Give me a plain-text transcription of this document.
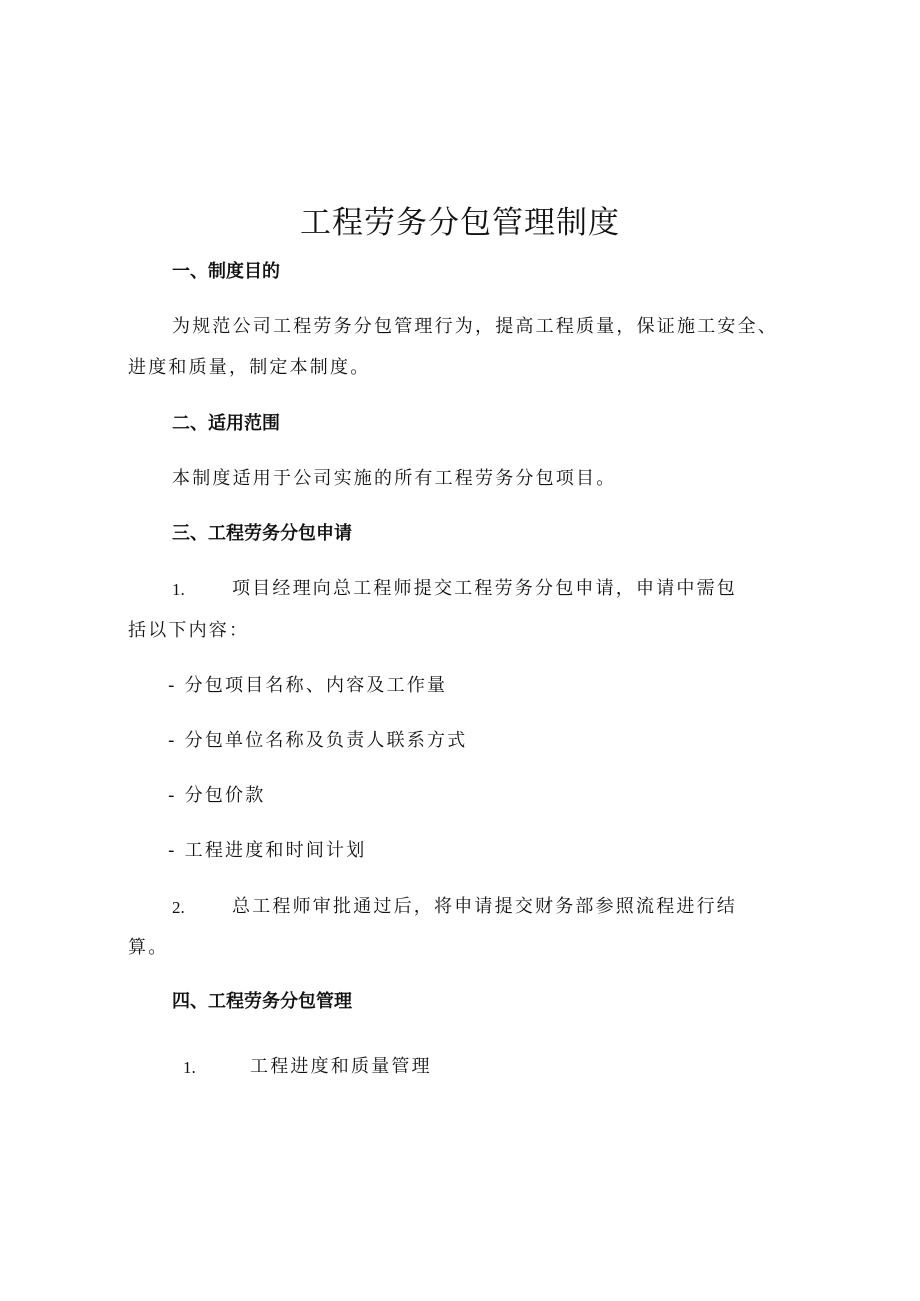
工程劳务分包管理制度
一、制度目的
为规范公司工程劳务分包管理行为，提高工程质量，保证施工安全、
进度和质量，制定本制度。
二、适用范围
本制度适用于公司实施的所有工程劳务分包项目。
三、工程劳务分包申请
1.	项目经理向总工程师提交工程劳务分包申请，申请中需包
括以下内容：
- 分包项目名称、内容及工作量
- 分包单位名称及负责人联系方式
- 分包价款
- 工程进度和时间计划
2.	总工程师审批通过后，将申请提交财务部参照流程进行结
算。
四、工程劳务分包管理
1.	工程进度和质量管理
